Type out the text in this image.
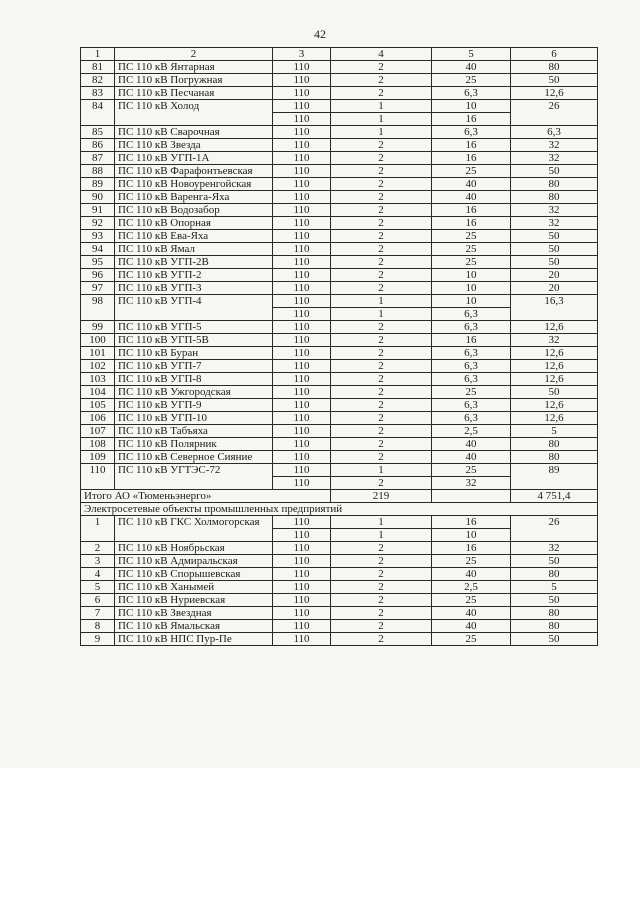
42
1	2	3	4	5	6
81	ПС 110 кВ Янтарная	110	2	40	80
82	ПС 110 кВ Погружная	110	2	25	50
83	ПС 110 кВ Песчаная	110	2	6,3	12,6
84	ПС 110 кВ Холод	110	1	10	26
		110	1	16	
85	ПС 110 кВ Сварочная	110	1	6,3	6,3
86	ПС 110 кВ Звезда	110	2	16	32
87	ПС 110 кВ УГП-1А	110	2	16	32
88	ПС 110 кВ Фарафонтьевская	110	2	25	50
89	ПС 110 кВ Новоуренгойская	110	2	40	80
90	ПС 110 кВ Варенга-Яха	110	2	40	80
91	ПС 110 кВ Водозабор	110	2	16	32
92	ПС 110 кВ Опорная	110	2	16	32
93	ПС 110 кВ Ева-Яха	110	2	25	50
94	ПС 110 кВ Ямал	110	2	25	50
95	ПС 110 кВ УГП-2В	110	2	25	50
96	ПС 110 кВ УГП-2	110	2	10	20
97	ПС 110 кВ УГП-3	110	2	10	20
98	ПС 110 кВ УГП-4	110	1	10	16,3
		110	1	6,3	
99	ПС 110 кВ УГП-5	110	2	6,3	12,6
100	ПС 110 кВ УГП-5В	110	2	16	32
101	ПС 110 кВ Буран	110	2	6,3	12,6
102	ПС 110 кВ УГП-7	110	2	6,3	12,6
103	ПС 110 кВ УГП-8	110	2	6,3	12,6
104	ПС 110 кВ Ужгородская	110	2	25	50
105	ПС 110 кВ УГП-9	110	2	6,3	12,6
106	ПС 110 кВ УГП-10	110	2	6,3	12,6
107	ПС 110 кВ Табъяха	110	2	2,5	5
108	ПС 110 кВ Полярник	110	2	40	80
109	ПС 110 кВ Северное Сияние	110	2	40	80
110	ПС 110 кВ УГТЭС-72	110	1	25	89
		110	2	32	
Итого АО «Тюменьэнерго»			219		4 751,4
Электросетевые объекты промышленных предприятий					
1	ПС 110 кВ ГКС Холмогорская	110	1	16	26
		110	1	10	
2	ПС 110 кВ Ноябрьская	110	2	16	32
3	ПС 110 кВ Адмиральская	110	2	25	50
4	ПС 110 кВ Спорышевская	110	2	40	80
5	ПС 110 кВ Ханымей	110	2	2,5	5
6	ПС 110 кВ Нуриевская	110	2	25	50
7	ПС 110 кВ Звездная	110	2	40	80
8	ПС 110 кВ Ямальская	110	2	40	80
9	ПС 110 кВ НПС Пур-Пе	110	2	25	50
